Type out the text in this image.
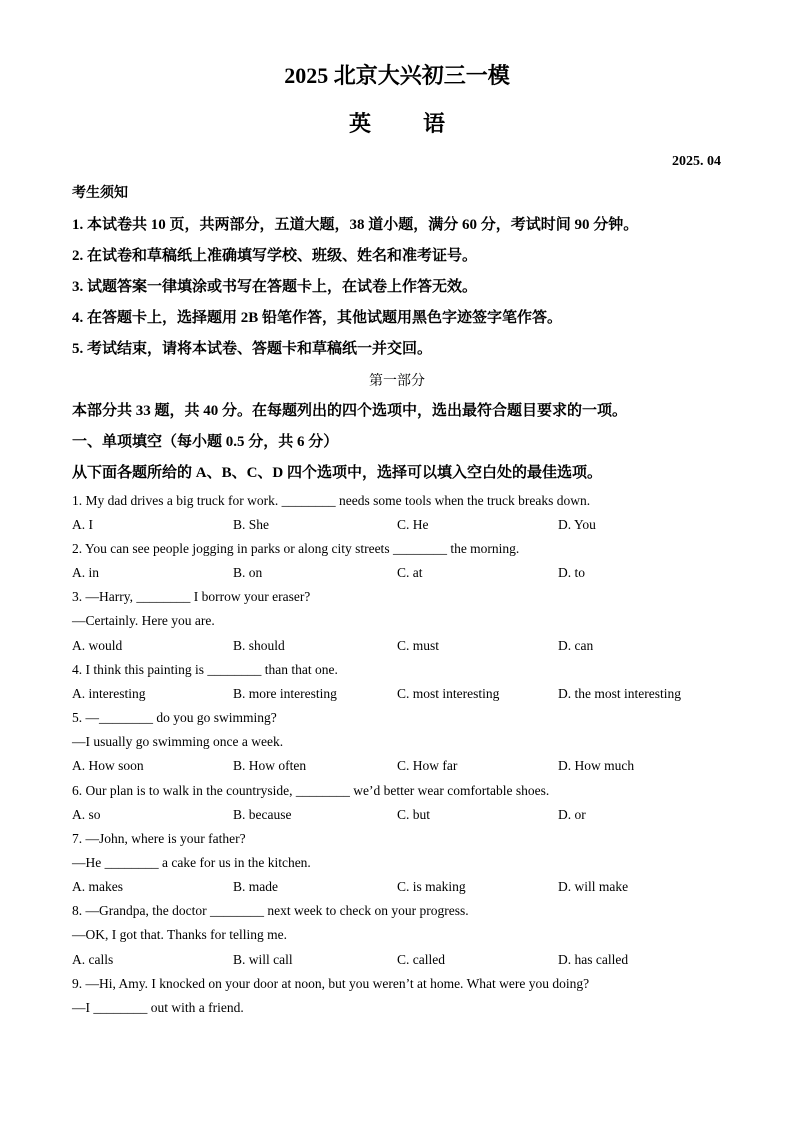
2025 北京大兴初三一模
英语
2025. 04
考生须知
1. 本试卷共 10 页，共两部分，五道大题，38 道小题，满分 60 分，考试时间 90 分钟。
2. 在试卷和草稿纸上准确填写学校、班级、姓名和准考证号。
3. 试题答案一律填涂或书写在答题卡上，在试卷上作答无效。
4. 在答题卡上，选择题用 2B 铅笔作答，其他试题用黑色字迹签字笔作答。
5. 考试结束，请将本试卷、答题卡和草稿纸一并交回。
第一部分
本部分共 33 题，共 40 分。在每题列出的四个选项中，选出最符合题目要求的一项。
一、单项填空（每小题 0.5 分，共 6 分）
从下面各题所给的 A、B、C、D 四个选项中，选择可以填入空白处的最佳选项。
1. My dad drives a big truck for work. ________ needs some tools when the truck breaks down.
A. I	B. She	C. He	D. You
2. You can see people jogging in parks or along city streets ________ the morning.
A. in	B. on	C. at	D. to
3. —Harry, ________ I borrow your eraser?
—Certainly. Here you are.
A. would	B. should	C. must	D. can
4. I think this painting is ________ than that one.
A. interesting	B. more interesting	C. most interesting	D. the most interesting
5. —________ do you go swimming?
—I usually go swimming once a week.
A. How soon	B. How often	C. How far	D. How much
6. Our plan is to walk in the countryside, ________ we’d better wear comfortable shoes.
A. so	B. because	C. but	D. or
7. —John, where is your father?
—He ________ a cake for us in the kitchen.
A. makes	B. made	C. is making	D. will make
8. —Grandpa, the doctor ________ next week to check on your progress.
—OK, I got that. Thanks for telling me.
A. calls	B. will call	C. called	D. has called
9. —Hi, Amy. I knocked on your door at noon, but you weren’t at home. What were you doing?
—I ________ out with a friend.
